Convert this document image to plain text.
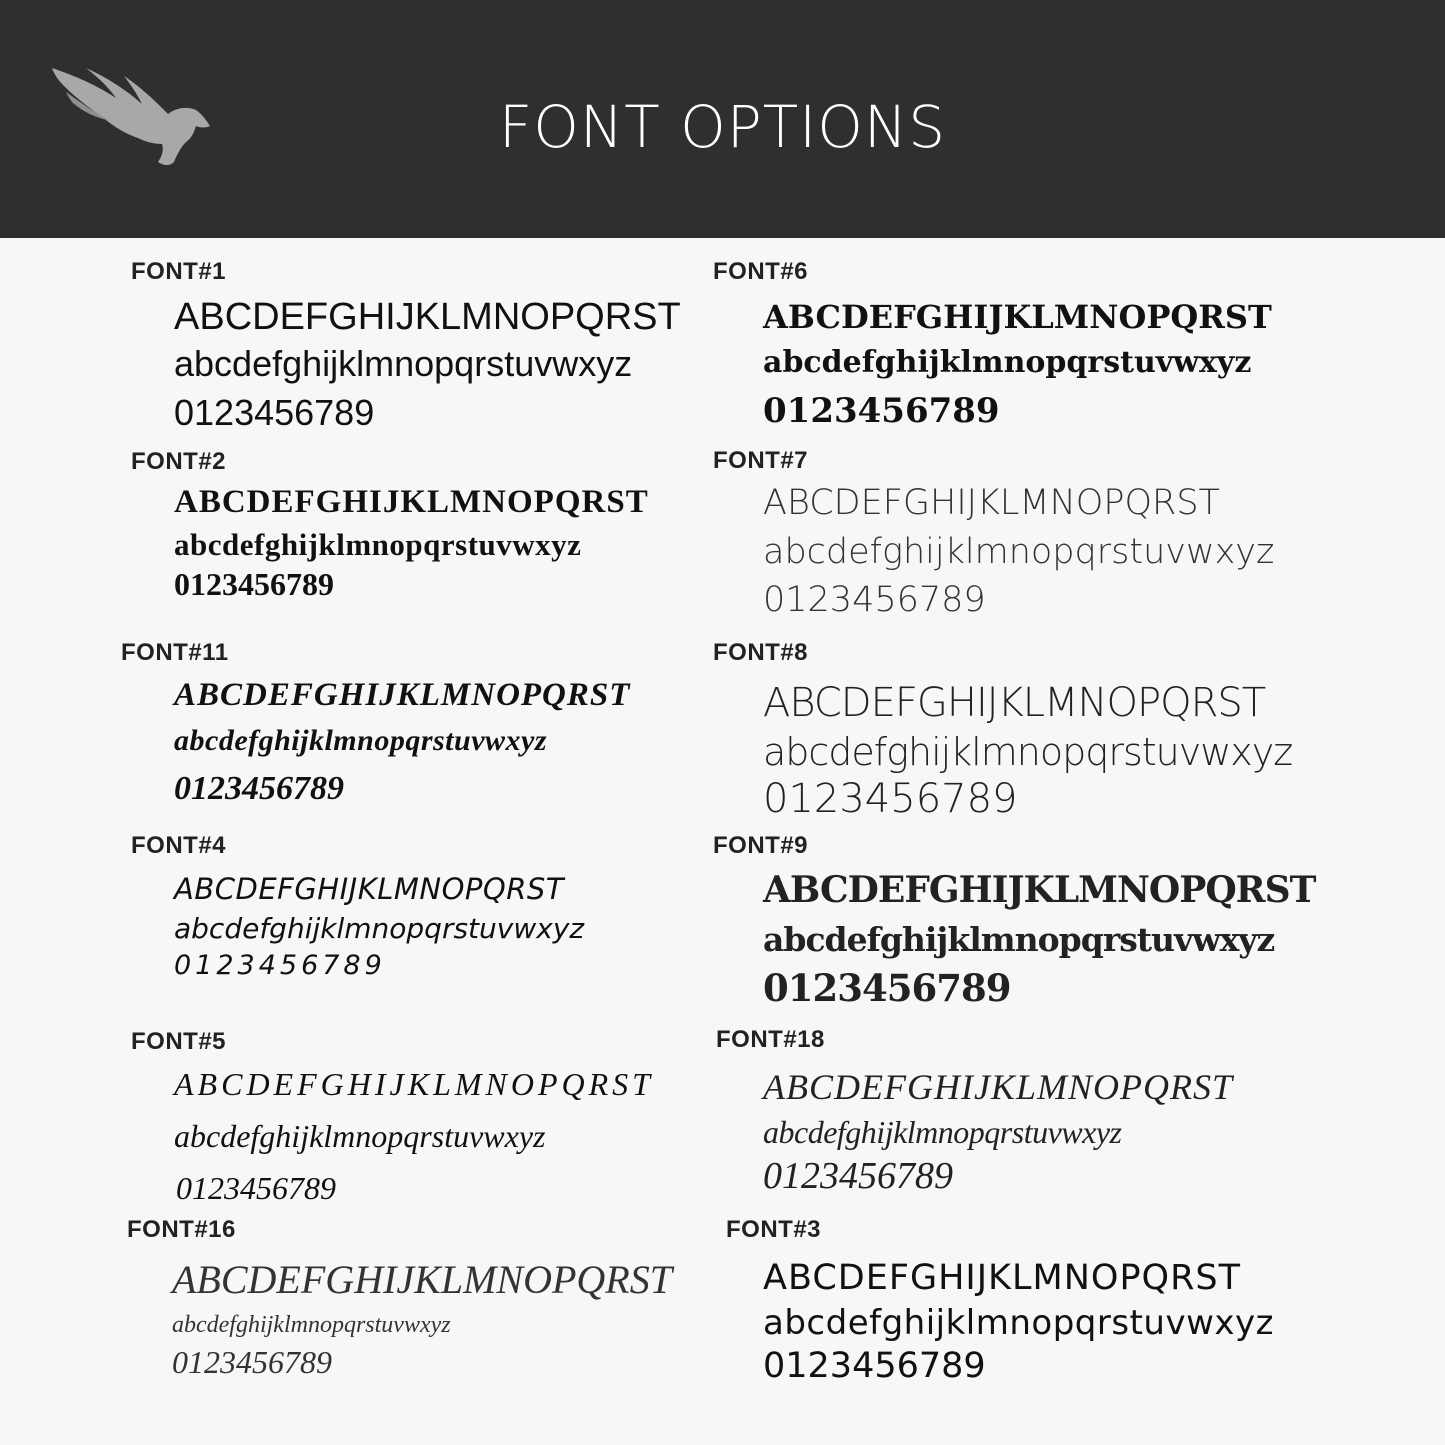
FONT OPTIONS
FONT#1
ABCDEFGHIJKLMNOPQRST
abcdefghijklmnopqrstuvwxyz
0123456789
FONT#2
ABCDEFGHIJKLMNOPQRST
abcdefghijklmnopqrstuvwxyz
0123456789
FONT#11
ABCDEFGHIJKLMNOPQRST
abcdefghijklmnopqrstuvwxyz
0123456789
FONT#4
ABCDEFGHIJKLMNOPQRST
abcdefghijklmnopqrstuvwxyz
0123456789
FONT#5
ABCDEFGHIJKLMNOPQRST
abcdefghijklmnopqrstuvwxyz
0123456789
FONT#16
ABCDEFGHIJKLMNOPQRST
abcdefghijklmnopqrstuvwxyz
0123456789
FONT#6
ABCDEFGHIJKLMNOPQRST
abcdefghijklmnopqrstuvwxyz
0123456789
FONT#7
ABCDEFGHIJKLMNOPQRST
abcdefghijklmnopqrstuvwxyz
0123456789
FONT#8
ABCDEFGHIJKLMNOPQRST
abcdefghijklmnopqrstuvwxyz
0123456789
FONT#9
ABCDEFGHIJKLMNOPQRST
abcdefghijklmnopqrstuvwxyz
0123456789
FONT#18
ABCDEFGHIJKLMNOPQRST
abcdefghijklmnopqrstuvwxyz
0123456789
FONT#3
ABCDEFGHIJKLMNOPQRST
abcdefghijklmnopqrstuvwxyz
0123456789
